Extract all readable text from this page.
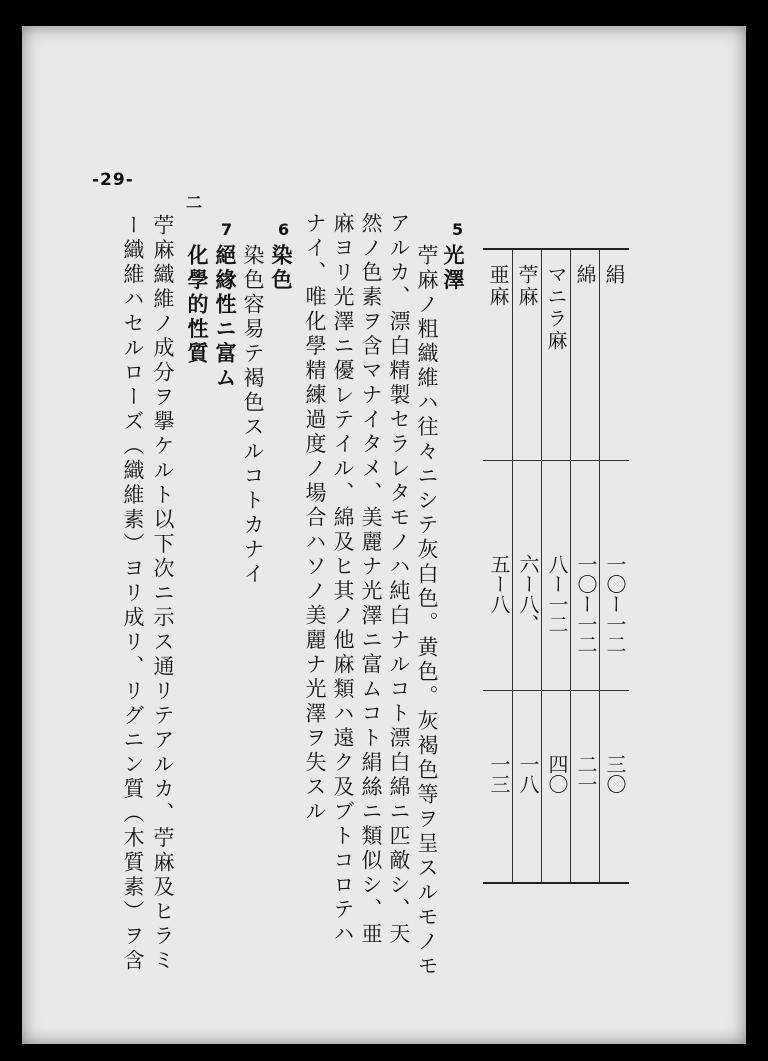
-29-
5
光澤
苧麻ノ粗織維ハ往々ニシテ灰白色。黄色。灰褐色等ヲ呈スルモノモ
アルカ、漂白精製セラレタモノハ純白ナルコト漂白綿ニ匹敵シ、天
然ノ色素ヲ含マナイタメ、美麗ナ光澤ニ富ムコト絹絲ニ類似シ、亜
麻ヨリ光澤ニ優レテイル、綿及ヒ其ノ他麻類ハ遠ク及ブトコロテハ
ナイ、唯化學精練過度ノ場合ハソノ美麗ナ光澤ヲ失スル
6
染色
染色容易テ褐色スルコトカナイ
7
絕緣性ニ富ム
二
化學的性質
苧麻織維ノ成分ヲ擧ケルト以下次ニ示ス通リテアルカ、苧麻及ヒラミ
ー織維ハセルローズ（織維素）ヨリ成リ、リグニン質（木質素）ヲ含	絹
綿
マニラ麻
苧麻
亜麻
一〇ー一二
一〇ー一二
八ー一二
六ー八、
五ー八
三〇
二一
四〇
一八
一三
